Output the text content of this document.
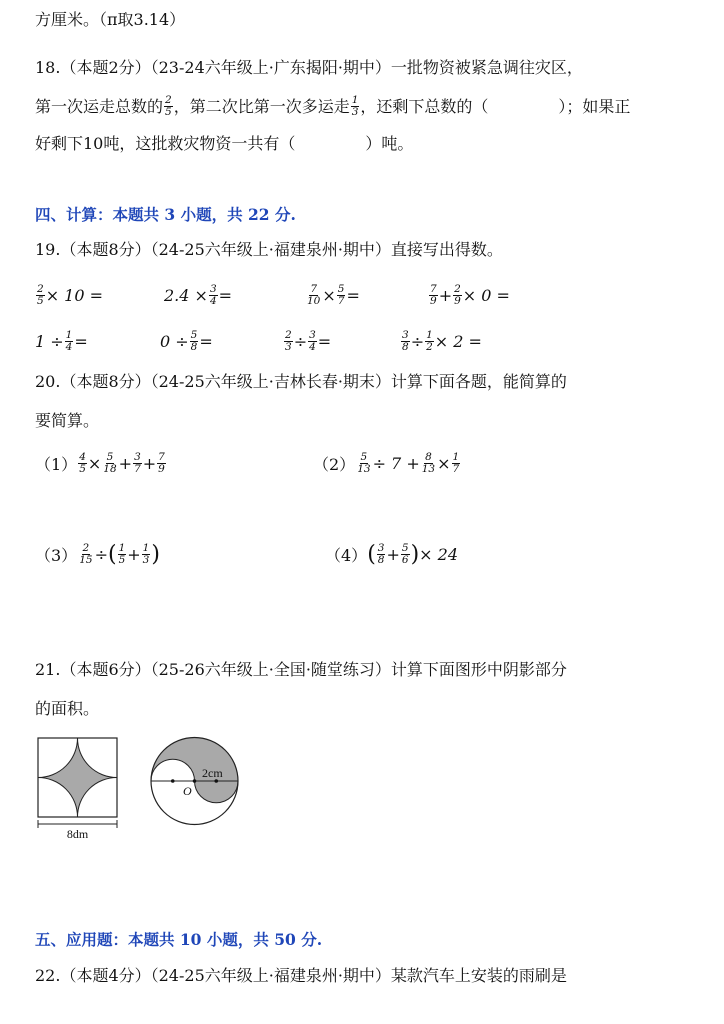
方厘米。（π取3.14）
18.（本题2分）（23-24六年级上·广东揭阳·期中）一批物资被紧急调往灾区，
第一次运走总数的 $\frac{2}{5}$ ，第二次比第一次多运走 $\frac{1}{3}$ ，还剩下总数的（	）；如果正
好剩下10吨，这批救灾物资一共有（	）吨。
四、计算：本题共 3 小题，共 22 分.
19.（本题8分）（24-25六年级上·福建泉州·期中）直接写出得数。
$\frac{2}{5} \times 10$ =	$2.4 \times \frac{3}{4}$ =	$\frac{7}{10} \times \frac{5}{7}$ =	$\frac{7}{9} + \frac{2}{9} \times 0$ =
$1 \div \frac{1}{4}$ =	$0 \div \frac{5}{8}$ =	$\frac{2}{3} \div \frac{3}{4}$ =	$\frac{3}{8} \div \frac{1}{2} \times 2$ =
20.（本题8分）（24-25六年级上·吉林长春·期末）计算下面各题，能简算的
要简算。
$(1) \frac{4}{5} \times \frac{5}{18} + \frac{3}{7} + \frac{7}{9}$	$(2) \frac{5}{13} \div 7 + \frac{8}{13} \times \frac{1}{7}$
$(3) \frac{2}{15}$ ÷ ( $\frac{1}{5} + \frac{1}{3}$ )	（4） ( $\frac{3}{8} + \frac{5}{6}$ ) × 24
21.（本题6分）（25-26六年级上·全国·随堂练习）计算下面图形中阴影部分
的面积。
8dm
2cm
O
五、应用题：本题共 10 小题，共 50 分.
22.（本题4分）（24-25六年级上·福建泉州·期中）某款汽车上安装的雨刷是
